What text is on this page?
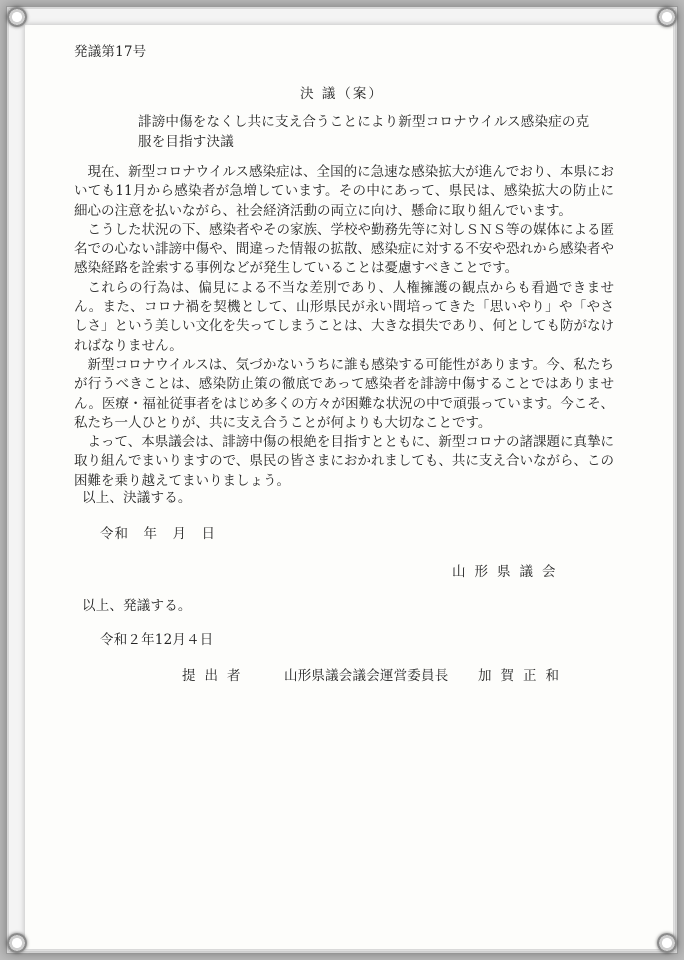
発議第17号
決 議（案）
誹謗中傷をなくし共に支え合うことにより新型コロナウイルス感染症の克服を目指す決議

現在、新型コロナウイルス感染症は、全国的に急速な感染拡大が進んでおり、本県においても11月から感染者が急増しています。その中にあって、県民は、感染拡大の防止に細心の注意を払いながら、社会経済活動の両立に向け、懸命に取り組んでいます。

こうした状況の下、感染者やその家族、学校や勤務先等に対しＳＮＳ等の媒体による匿名での心ない誹謗中傷や、間違った情報の拡散、感染症に対する不安や恐れから感染者や感染経路を詮索する事例などが発生していることは憂慮すべきことです。

これらの行為は、偏見による不当な差別であり、人権擁護の観点からも看過できません。また、コロナ禍を契機として、山形県民が永い間培ってきた「思いやり」や「やさしさ」という美しい文化を失ってしまうことは、大きな損失であり、何としても防がなければなりません。

新型コロナウイルスは、気づかないうちに誰も感染する可能性があります。今、私たちが行うべきことは、感染防止策の徹底であって感染者を誹謗中傷することではありません。医療・福祉従事者をはじめ多くの方々が困難な状況の中で頑張っています。今こそ、私たち一人ひとりが、共に支え合うことが何よりも大切なことです。

よって、本県議会は、誹謗中傷の根絶を目指すとともに、新型コロナの諸課題に真摯に取り組んでまいりますので、県民の皆さまにおかれましても、共に支え合いながら、この困難を乗り越えてまいりましょう。

以上、決議する。
令和　年　月　日
山形県議会
以上、発議する。
令和２年12月４日
提出者	山形県議会議会運営委員長 加賀正和
